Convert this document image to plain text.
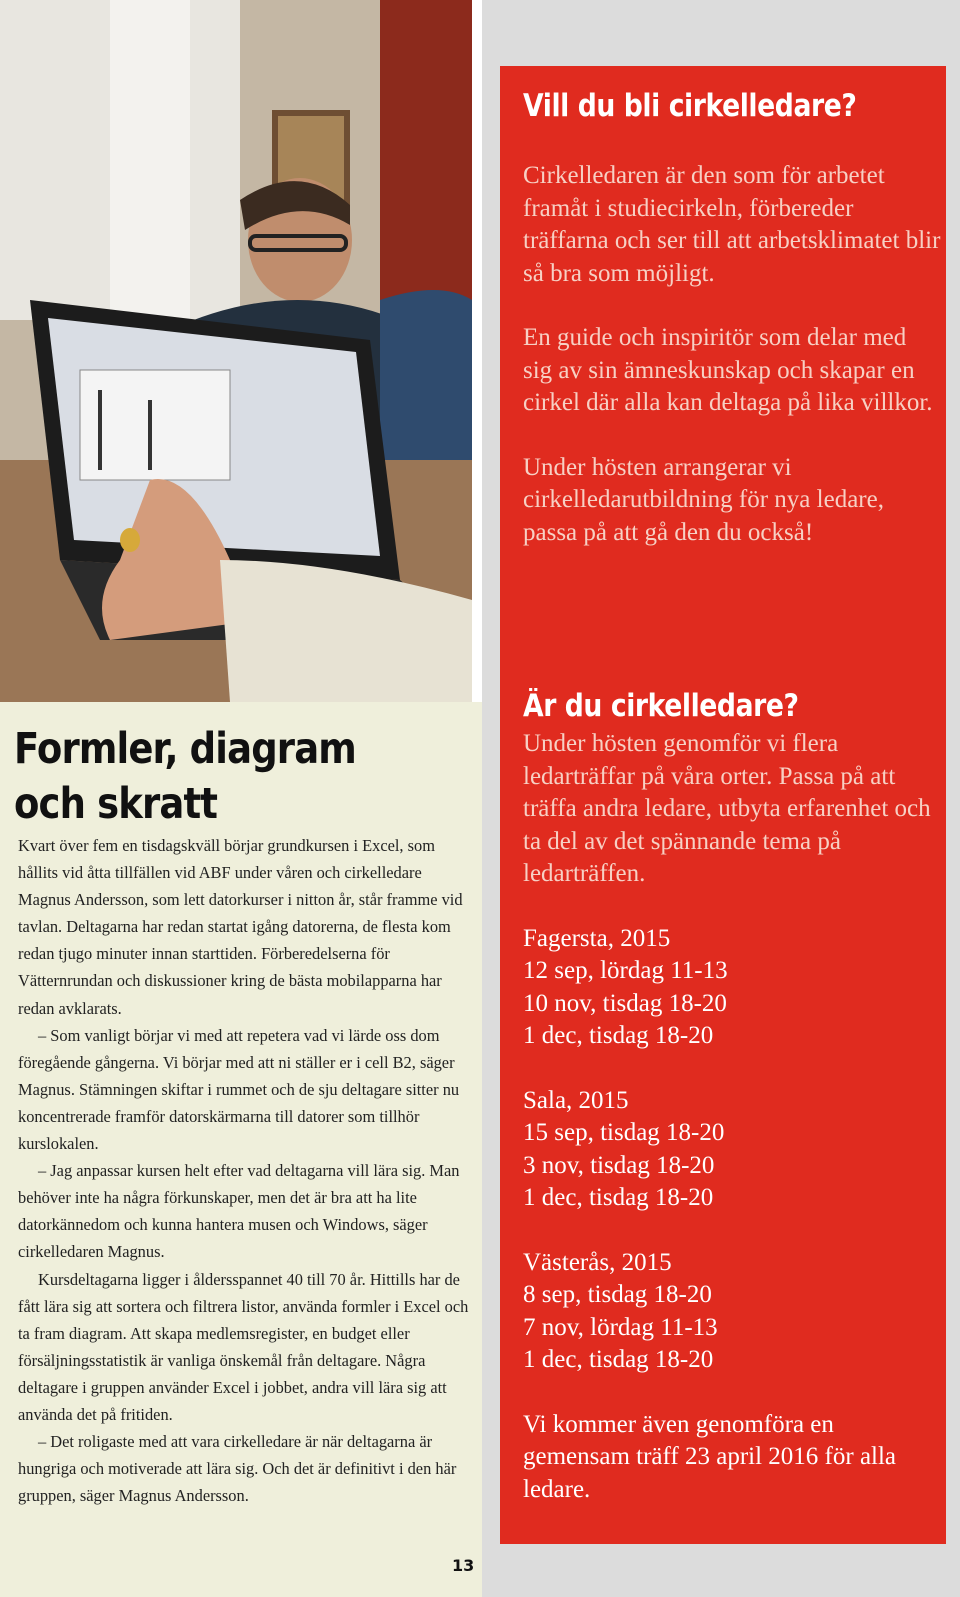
Formler, diagram
och skratt

Kvart över fem en tisdagskväll börjar grundkursen i Excel, som hållits vid åtta tillfällen vid ABF under våren och cirkelledare Magnus Andersson, som lett datorkurser i nitton år, står framme vid tavlan. Deltagarna har redan startat igång datorerna, de flesta kom redan tjugo minuter innan starttiden. Förberedelserna för Vätternrundan och diskussioner kring de bästa mobilapparna har redan avklarats.

– Som vanligt börjar vi med att repetera vad vi lärde oss dom föregående gångerna. Vi börjar med att ni ställer er i cell B2, säger Magnus. Stämningen skiftar i rummet och de sju deltagare sitter nu koncentrerade framför datorskärmarna till datorer som tillhör kurslokalen.

– Jag anpassar kursen helt efter vad deltagarna vill lära sig. Man behöver inte ha några förkunskaper, men det är bra att ha lite datorkännedom och kunna hantera musen och Windows, säger cirkelledaren Magnus.

Kursdeltagarna ligger i åldersspannet 40 till 70 år. Hittills har de fått lära sig att sortera och filtrera listor, använda formler i Excel och ta fram diagram. Att skapa medlemsregister, en budget eller försäljningsstatistik är vanliga önskemål från deltagare. Några deltagare i gruppen använder Excel i jobbet, andra vill lära sig att använda det på fritiden.

– Det roligaste med att vara cirkelledare är när deltagarna är hungriga och motiverade att lära sig. Och det är definitivt i den här gruppen, säger Magnus Andersson.

13
Vill du bli cirkelledare?

Cirkelledaren är den som för arbetet framåt i studiecirkeln, förbereder träffarna och ser till att arbetsklimatet blir så bra som möjligt.

En guide och inspiritör som delar med sig av sin ämneskunskap och skapar en cirkel där alla kan deltaga på lika villkor.

Under hösten arrangerar vi cirkelledarutbildning för nya ledare, passa på att gå den du också!

Är du cirkelledare?

Under hösten genomför vi flera ledarträffar på våra orter. Passa på att träffa andra ledare, utbyta erfarenhet och ta del av det spännande tema på ledarträffen.

Fagersta, 2015

12 sep, lördag 11-13

10 nov, tisdag 18-20

1 dec, tisdag 18-20

Sala, 2015

15 sep, tisdag 18-20

3 nov, tisdag 18-20

1 dec, tisdag 18-20

Västerås, 2015

8 sep, tisdag 18-20

7 nov, lördag 11-13

1 dec, tisdag 18-20

Vi kommer även genomföra en gemensam träff 23 april 2016 för alla ledare.
